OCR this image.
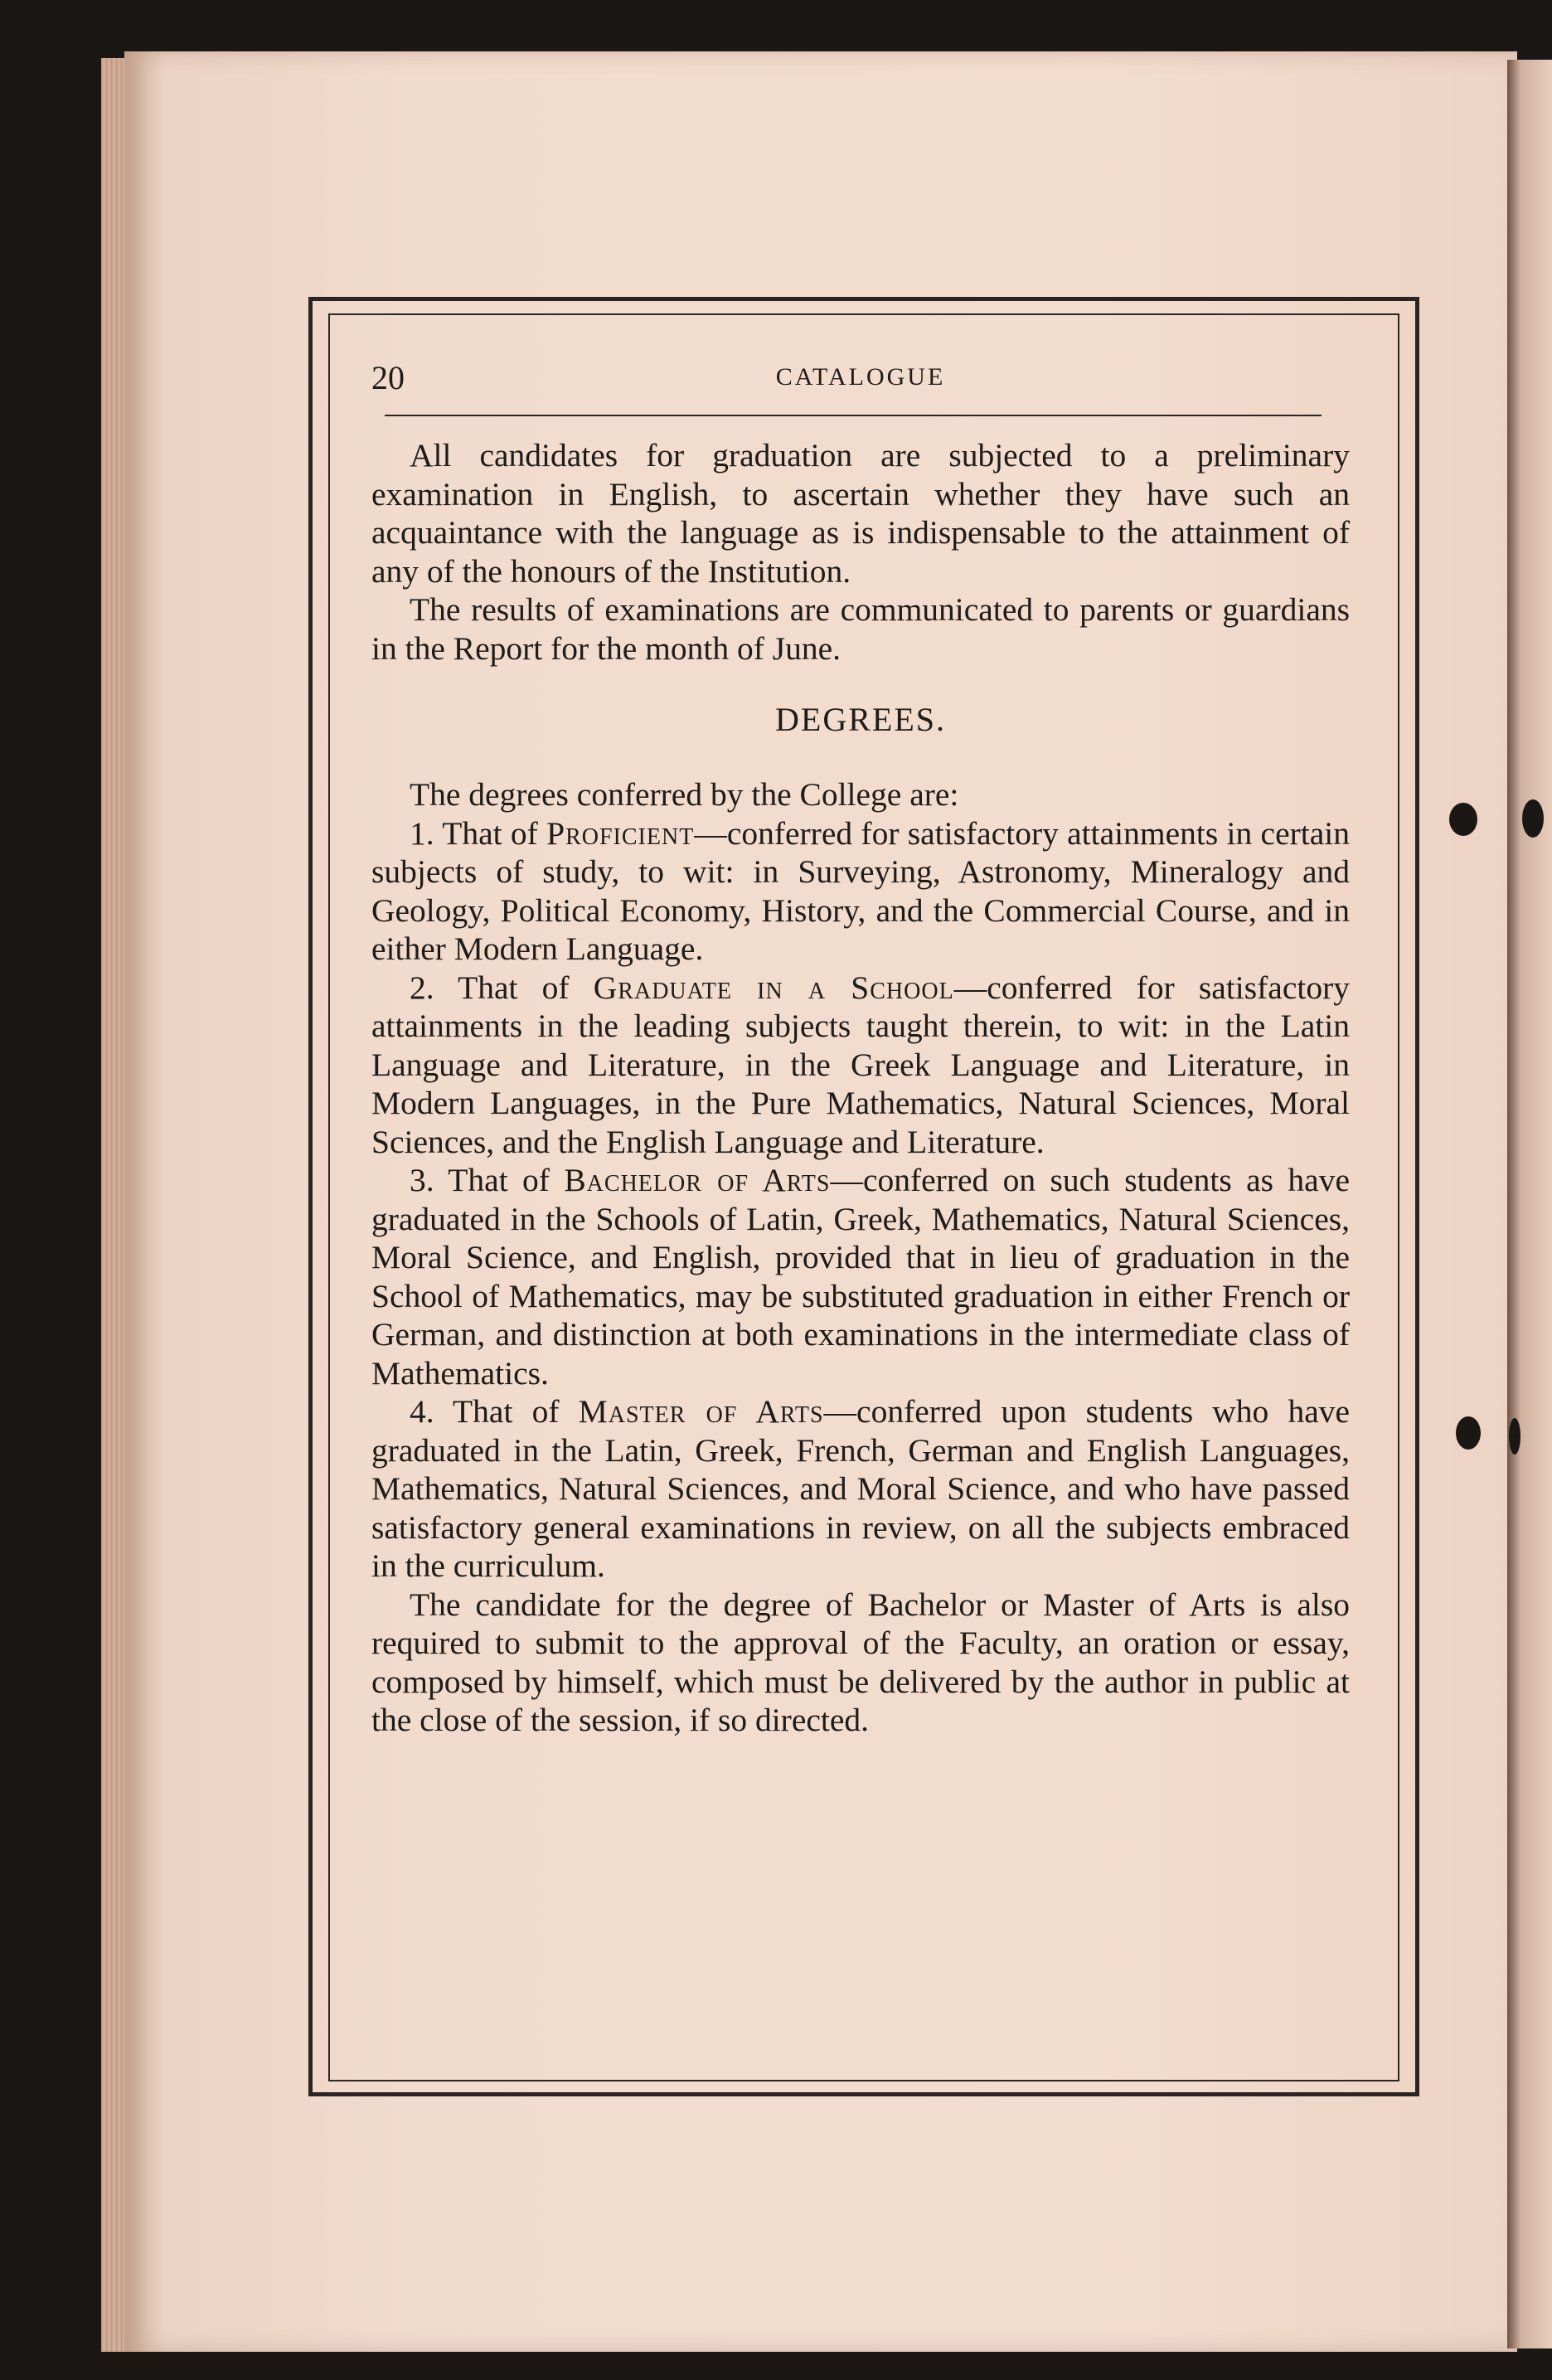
20	CATALOGUE

All candidates for graduation are subjected to a preliminary examination in English, to ascertain whether they have such an acquaintance with the language as is indispensable to the attainment of any of the honours of the Institution.

The results of examinations are communicated to parents or guardians in the Report for the month of June.

DEGREES.

The degrees conferred by the College are:

1. That of Proficient—conferred for satisfactory attainments in certain subjects of study, to wit: in Surveying, Astronomy, Mineralogy and Geology, Political Economy, History, and the Commercial Course, and in either Modern Language.

2. That of Graduate in a School—conferred for satisfactory attainments in the leading subjects taught therein, to wit: in the Latin Language and Literature, in the Greek Language and Literature, in Modern Languages, in the Pure Mathematics, Natural Sciences, Moral Sciences, and the English Language and Literature.

3. That of Bachelor of Arts—conferred on such students as have graduated in the Schools of Latin, Greek, Mathematics, Natural Sciences, Moral Science, and English, provided that in lieu of graduation in the School of Mathematics, may be substituted graduation in either French or German, and distinction at both examinations in the intermediate class of Mathematics.

4. That of Master of Arts—conferred upon students who have graduated in the Latin, Greek, French, German and English Languages, Mathematics, Natural Sciences, and Moral Science, and who have passed satisfactory general examinations in review, on all the subjects embraced in the curriculum.

The candidate for the degree of Bachelor or Master of Arts is also required to submit to the approval of the Faculty, an oration or essay, composed by himself, which must be delivered by the author in public at the close of the session, if so directed.
